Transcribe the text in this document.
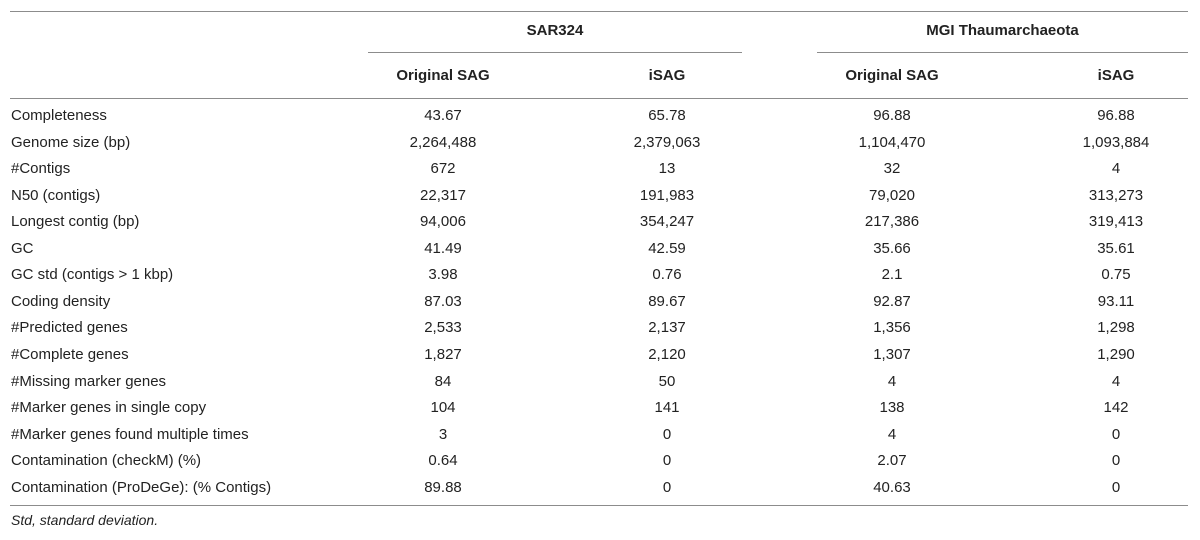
SAR324	MGI Thaumarchaeota
Original SAG	iSAG	Original SAG	iSAG
Completeness	43.67	65.78	96.88	96.88
Genome size (bp)	2,264,488	2,379,063	1,104,470	1,093,884
#Contigs	672	13	32	4
N50 (contigs)	22,317	191,983	79,020	313,273
Longest contig (bp)	94,006	354,247	217,386	319,413
GC	41.49	42.59	35.66	35.61
GC std (contigs > 1 kbp)	3.98	0.76	2.1	0.75
Coding density	87.03	89.67	92.87	93.11
#Predicted genes	2,533	2,137	1,356	1,298
#Complete genes	1,827	2,120	1,307	1,290
#Missing marker genes	84	50	4	4
#Marker genes in single copy	104	141	138	142
#Marker genes found multiple times	3	0	4	0
Contamination (checkM) (%)	0.64	0	2.07	0
Contamination (ProDeGe): (% Contigs)	89.88	0	40.63	0
Std, standard deviation.
